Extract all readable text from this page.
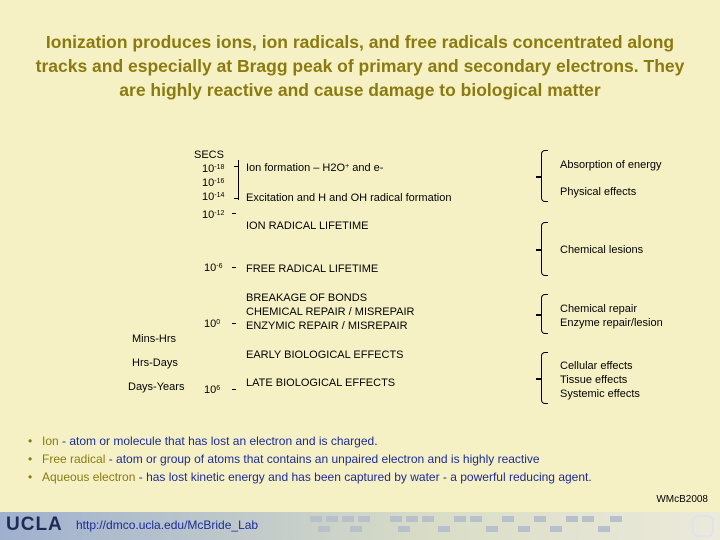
Ionization produces ions, ion radicals, and free radicals concentrated along tracks and especially at Bragg peak of primary and secondary electrons. They are highly reactive and cause damage to biological matter
SECS
$10^{-18}$
$10^{-16}$
$10^{-14}$
$10^{-12}$
$10^{-6}$
$10^0$
$10^6$
Mins-Hrs
Hrs-Days
Days-Years
Ion formation – H2O+ and e-
Excitation and H and OH radical formation
ION RADICAL LIFETIME
FREE RADICAL LIFETIME
BREAKAGE OF BONDS
CHEMICAL REPAIR / MISREPAIR
ENZYMIC REPAIR / MISREPAIR
EARLY BIOLOGICAL EFFECTS
LATE BIOLOGICAL EFFECTS
Absorption of energy
Physical effects
Chemical lesions
Chemical repair
Enzyme repair/lesion
Cellular effects
Tissue effects
Systemic effects
• Ion - atom or molecule that has lost an electron and is charged.
• Free radical - atom or group of atoms that contains an unpaired electron and is highly reactive
• Aqueous electron - has lost kinetic energy and has been captured by water - a powerful reducing agent.
WMcB2008
UCLA http://dmco.ucla.edu/McBride_Lab
